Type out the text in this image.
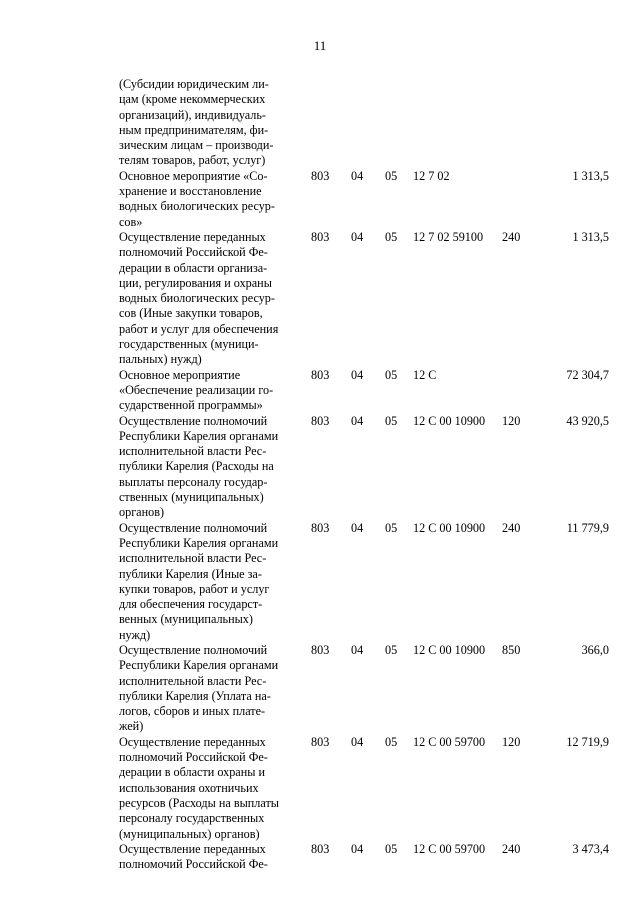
11
(Субсидии юридическим ли-
цам (кроме некоммерческих
организаций), индивидуаль-
ным предпринимателям, фи-
зическим лицам – производи-
телям товаров, работ, услуг)
Основное мероприятие «Со-
хранение и восстановление
водных биологических ресур-
сов»
803 04 05 12 7 02	1 313,5
Осуществление переданных
полномочий Российской Фе-
дерации в области организа-
ции, регулирования и охраны
водных биологических ресур-
сов (Иные закупки товаров,
работ и услуг для обеспечения
государственных (муници-
пальных) нужд)
803 04 05 12 7 02 59100 240	1 313,5
Основное мероприятие
«Обеспечение реализации го-
сударственной программы»
803 04 05 12 С	72 304,7
Осуществление полномочий
Республики Карелия органами
исполнительной власти Рес-
публики Карелия (Расходы на
выплаты персоналу государ-
ственных (муниципальных)
органов)
803 04 05 12 С 00 10900 120	43 920,5
Осуществление полномочий
Республики Карелия органами
исполнительной власти Рес-
публики Карелия (Иные за-
купки товаров, работ и услуг
для обеспечения государст-
венных (муниципальных)
нужд)
803 04 05 12 С 00 10900 240	11 779,9
Осуществление полномочий
Республики Карелия органами
исполнительной власти Рес-
публики Карелия (Уплата на-
логов, сборов и иных плате-
жей)
803 04 05 12 С 00 10900 850	366,0
Осуществление переданных
полномочий Российской Фе-
дерации в области охраны и
использования охотничьих
ресурсов (Расходы на выплаты
персоналу государственных
(муниципальных) органов)
803 04 05 12 С 00 59700 120	12 719,9
Осуществление переданных
полномочий Российской Фе-
803 04 05 12 С 00 59700 240	3 473,4
